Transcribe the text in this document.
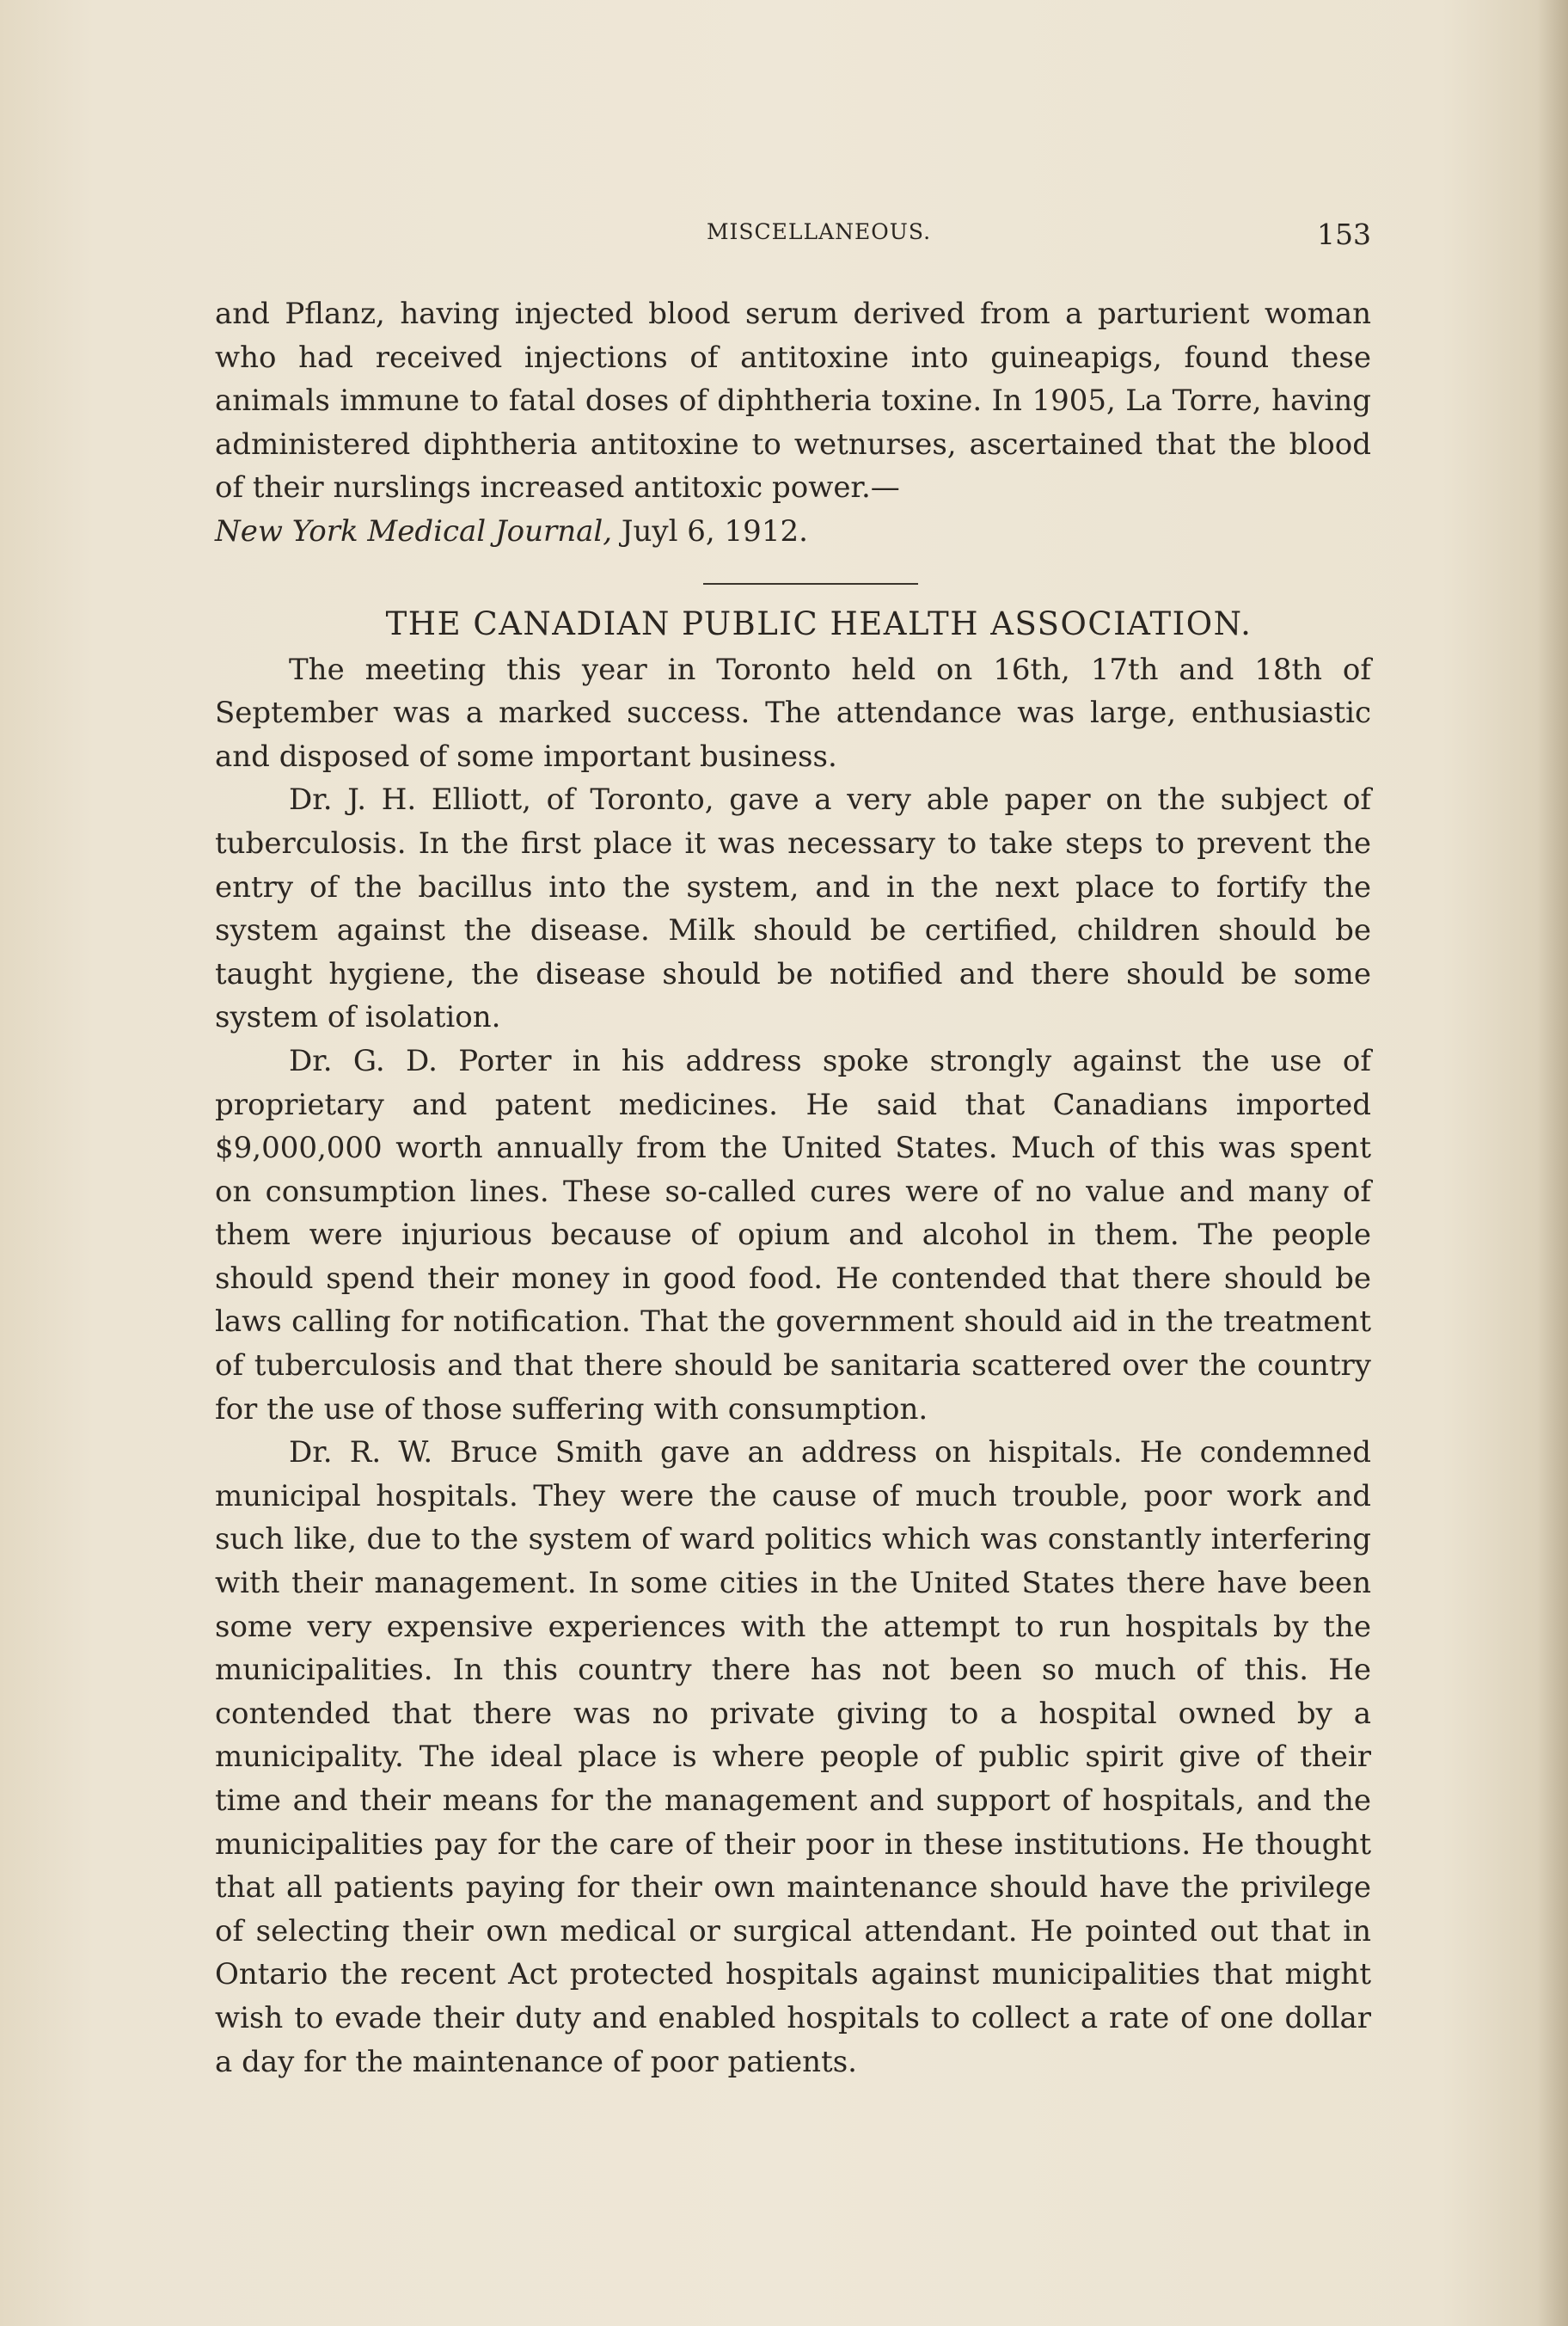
MISCELLANEOUS.	153

and Pflanz, having injected blood serum derived from a parturient woman who had received injections of antitoxine into guineapigs, found these animals immune to fatal doses of diphtheria toxine. In 1905, La Torre, having administered diphtheria antitoxine to wetnurses, ascertained that the blood of their nurslings increased antitoxic power.—
New York Medical Journal, Juyl 6, 1912.

THE CANADIAN PUBLIC HEALTH ASSOCIATION.

The meeting this year in Toronto held on 16th, 17th and 18th of September was a marked success. The attendance was large, enthusiastic and disposed of some important business.

Dr. J. H. Elliott, of Toronto, gave a very able paper on the subject of tuberculosis. In the first place it was necessary to take steps to prevent the entry of the bacillus into the system, and in the next place to fortify the system against the disease. Milk should be certified, children should be taught hygiene, the disease should be notified and there should be some system of isolation.

Dr. G. D. Porter in his address spoke strongly against the use of proprietary and patent medicines. He said that Canadians imported $9,000,000 worth annually from the United States. Much of this was spent on consumption lines. These so-called cures were of no value and many of them were injurious because of opium and alcohol in them. The people should spend their money in good food. He contended that there should be laws calling for notification. That the government should aid in the treatment of tuberculosis and that there should be sanitaria scattered over the country for the use of those suffering with consumption.

Dr. R. W. Bruce Smith gave an address on hispitals. He condemned municipal hospitals. They were the cause of much trouble, poor work and such like, due to the system of ward politics which was constantly interfering with their management. In some cities in the United States there have been some very expensive experiences with the attempt to run hospitals by the municipalities. In this country there has not been so much of this. He contended that there was no private giving to a hospital owned by a municipality. The ideal place is where people of public spirit give of their time and their means for the management and support of hospitals, and the municipalities pay for the care of their poor in these institutions. He thought that all patients paying for their own maintenance should have the privilege of selecting their own medical or surgical attendant. He pointed out that in Ontario the recent Act protected hospitals against municipalities that might wish to evade their duty and enabled hospitals to collect a rate of one dollar a day for the maintenance of poor patients.
